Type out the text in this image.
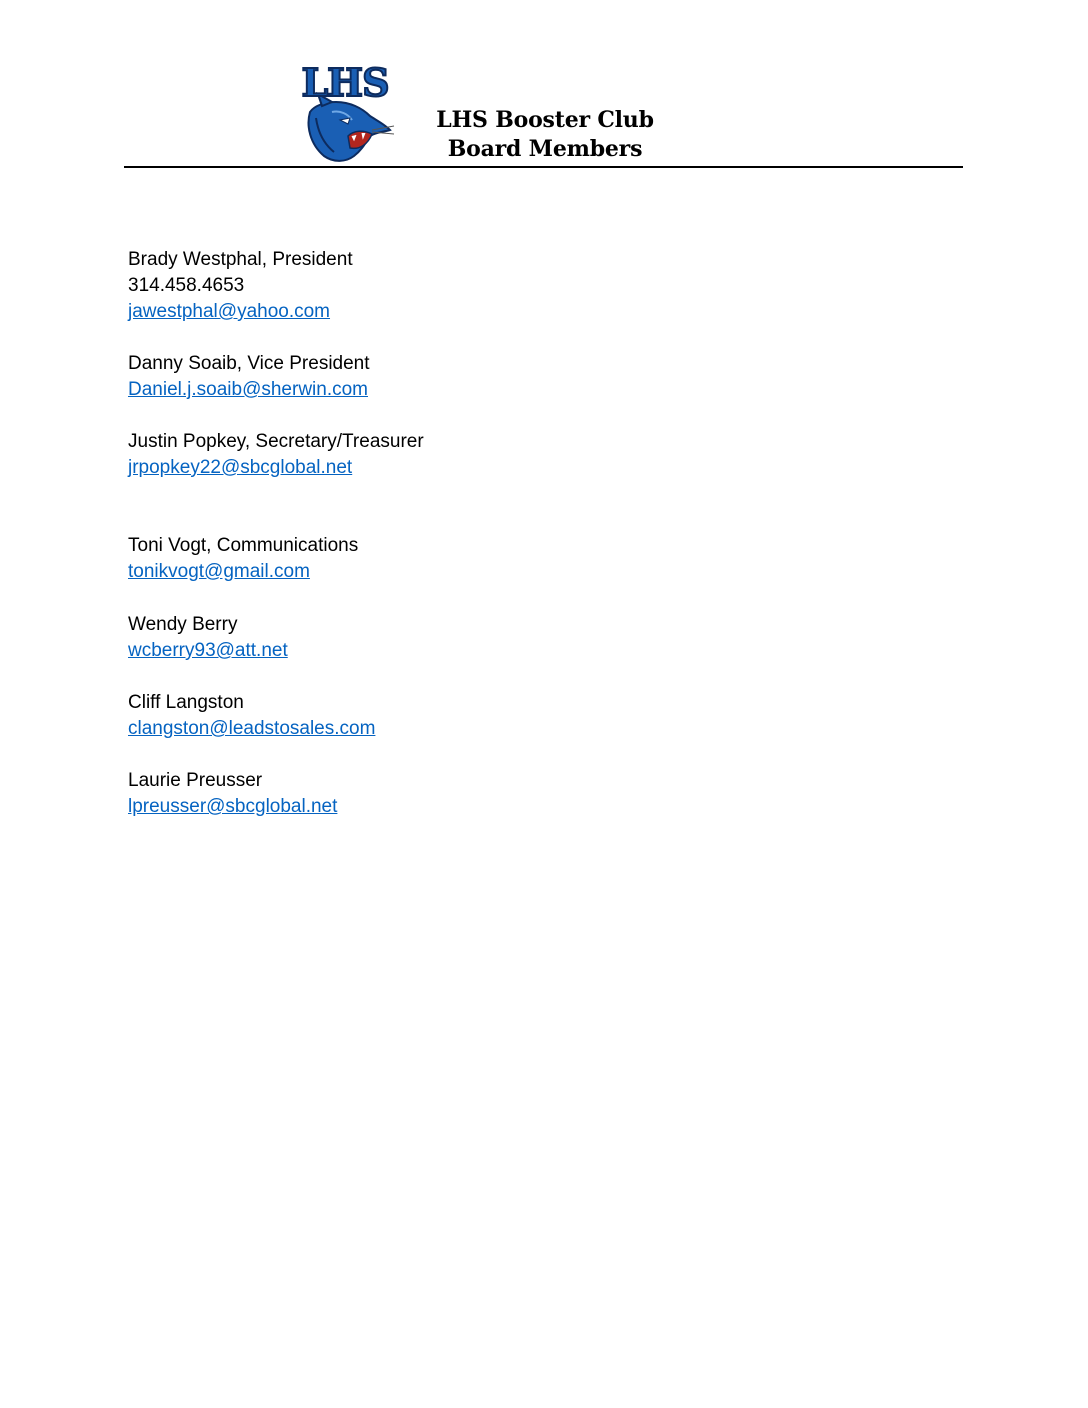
LHS
LHS Booster Club
Board Members
Brady Westphal, President
314.458.4653
jawestphal@yahoo.com
Danny Soaib, Vice President
Daniel.j.soaib@sherwin.com
Justin Popkey, Secretary/Treasurer
jrpopkey22@sbcglobal.net
Toni Vogt, Communications
tonikvogt@gmail.com
Wendy Berry
wcberry93@att.net
Cliff Langston
clangston@leadstosales.com
Laurie Preusser
lpreusser@sbcglobal.net
